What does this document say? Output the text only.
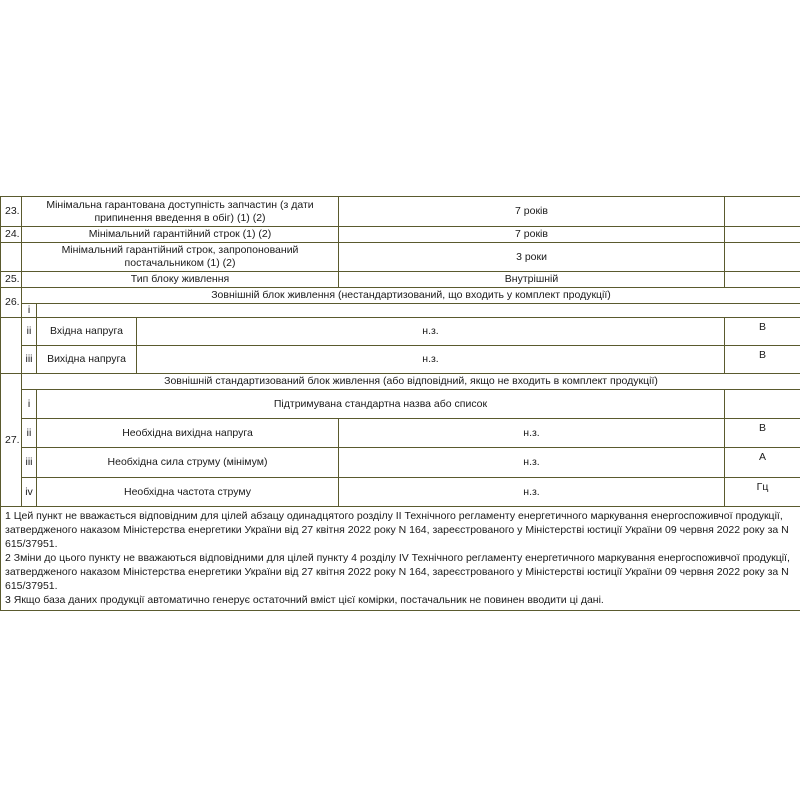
23.	Мінімальна гарантована доступність запчастин (з дати припинення введення в обіг) (1) (2)			7 років	
24.	Мінімальний гарантійний строк (1) (2)			7 років	
	Мінімальний гарантійний строк, запропонований постачальником (1) (2)			3 роки	
25.	Тип блоку живлення			Внутрішній	
26.	Зовнішній блок живлення (нестандартизований, що входить у комплект продукції)				
	i				
	ii	Вхідна напруга	н.з.		В
	iii	Вихідна напруга	н.з.		В
27.	Зовнішній стандартизований блок живлення (або відповідний, якщо не входить в комплект продукції)				
	i	Підтримувана стандартна назва або список			
	ii	Необхідна вихідна напруга		н.з.	В
	iii	Необхідна сила струму (мінімум)		н.з.	А
	iv	Необхідна частота струму		н.з.	Гц

1 Цей пункт не вважається відповідним для цілей абзацу одинадцятого розділу II Технічного регламенту енергетичного маркування енергоспоживчої продукції, затвердженого наказом Міністерства енергетики України від 27 квітня 2022 року N 164, зареєстрованого у Міністерстві юстиції України 09 червня 2022 року за N 615/37951.
2 Зміни до цього пункту не вважаються відповідними для цілей пункту 4 розділу IV Технічного регламенту енергетичного маркування енергоспоживчої продукції, затвердженого наказом Міністерства енергетики України від 27 квітня 2022 року N 164, зареєстрованого у Міністерстві юстиції України 09 червня 2022 року за N 615/37951.
3 Якщо база даних продукції автоматично генерує остаточний вміст цієї комірки, постачальник не повинен вводити ці дані.					
